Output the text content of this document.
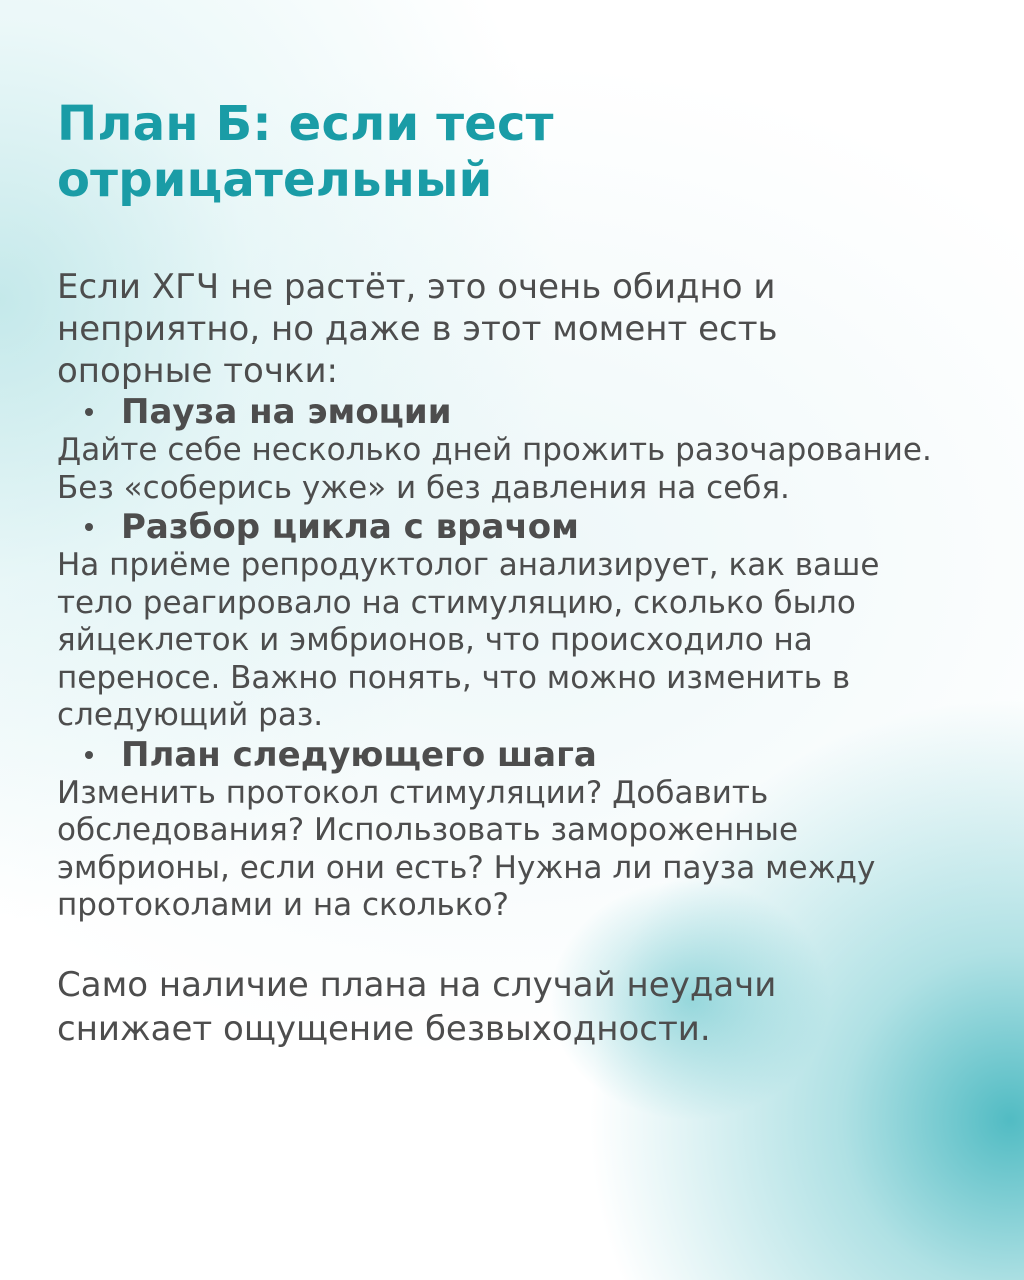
План Б: если тест отрицательный

Если ХГЧ не растёт, это очень обидно и неприятно, но даже в этот момент есть опорные точки:

Пауза на эмоции

Дайте себе несколько дней прожить разочарование. Без «соберись уже» и без давления на себя.

Разбор цикла с врачом

На приёме репродуктолог анализирует, как ваше тело реагировало на стимуляцию, сколько было яйцеклеток и эмбрионов, что происходило на переносе. Важно понять, что можно изменить в следующий раз.

План следующего шага

Изменить протокол стимуляции? Добавить обследования? Использовать замороженные эмбрионы, если они есть? Нужна ли пауза между протоколами и на сколько?

Само наличие плана на случай неудачи снижает ощущение безвыходности.
